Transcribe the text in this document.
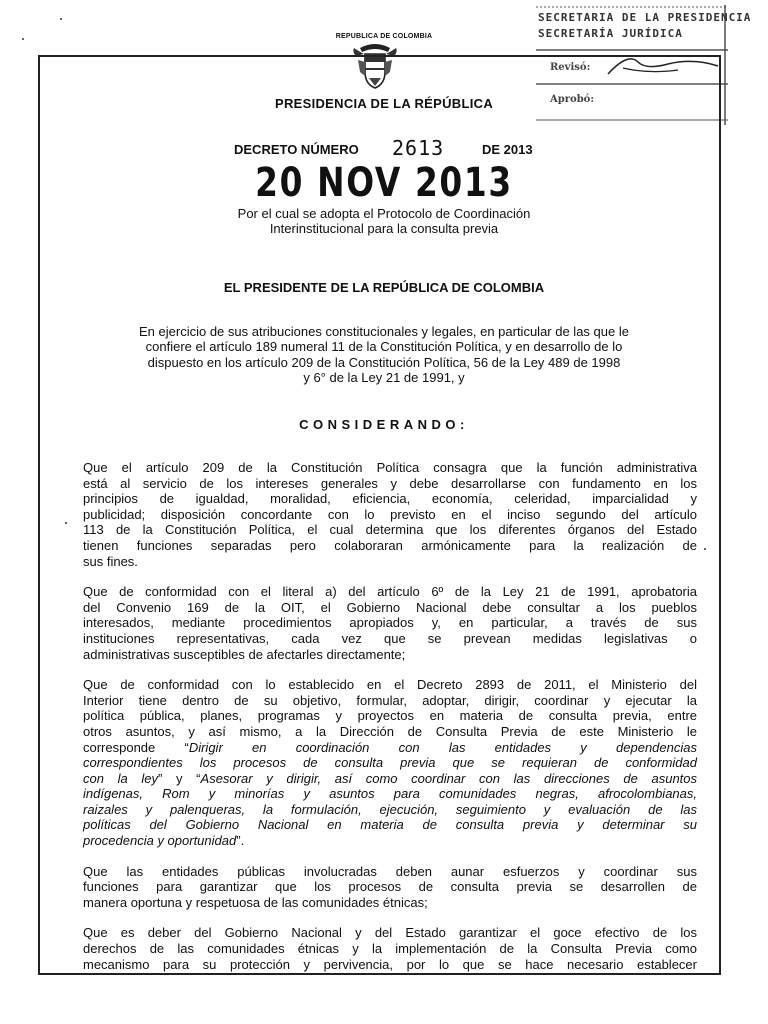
REPUBLICA DE COLOMBIA
SECRETARIA DE LA PRESIDENCIA
SECRETARÍA JURÍDICA
Revisó:
Aprobó:
PRESIDENCIA DE LA RÉPÚBLICA
DECRETO NÚMERO 2613	DE 2013
20 NOV 2013
Por el cual se adopta el Protocolo de Coordinación
Interinstitucional para la consulta previa
EL PRESIDENTE DE LA REPÚBLICA DE COLOMBIA
En ejercicio de sus atribuciones constitucionales y legales, en particular de las que le
confiere el artículo 189 numeral 11 de la Constitución Política, y en desarrollo de lo
dispuesto en los artículo 209 de la Constitución Política, 56 de la Ley 489 de 1998
y 6° de la Ley 21 de 1991, y
CONSIDERANDO:
Que el artículo 209 de la Constitución Política consagra que la función administrativa
está al servicio de los intereses generales y debe desarrollarse con fundamento en los
principios de igualdad, moralidad, eficiencia, economía, celeridad, imparcialidad y
publicidad; disposición concordante con lo previsto en el inciso segundo del artículo
113 de la Constitución Política, el cual determina que los diferentes órganos del Estado
tienen funciones separadas pero colaboraran armónicamente para la realización de
sus fines.
Que de conformidad con el literal a) del artículo 6º de la Ley 21 de 1991, aprobatoria
del Convenio 169 de la OIT, el Gobierno Nacional debe consultar a los pueblos
interesados, mediante procedimientos apropiados y, en particular, a través de sus
instituciones representativas, cada vez que se prevean medidas legislativas o
administrativas susceptibles de afectarles directamente;
Que de conformidad con lo establecido en el Decreto 2893 de 2011, el Ministerio del
Interior tiene dentro de su objetivo, formular, adoptar, dirigir, coordinar y ejecutar la
política pública, planes, programas y proyectos en materia de consulta previa, entre
otros asuntos, y así mismo, a la Dirección de Consulta Previa de este Ministerio le
corresponde “Dirigir en coordinación con las entidades y dependencias
correspondientes los procesos de consulta previa que se requieran de conformidad
con la ley” y “Asesorar y dirigir, así como coordinar con las direcciones de asuntos
indígenas, Rom y minorías y asuntos para comunidades negras, afrocolombianas,
raizales y palenqueras, la formulación, ejecución, seguimiento y evaluación de las
políticas del Gobierno Nacional en materia de consulta previa y determinar su
procedencia y oportunidad”.
Que las entidades públicas involucradas deben aunar esfuerzos y coordinar sus
funciones para garantizar que los procesos de consulta previa se desarrollen de
manera oportuna y respetuosa de las comunidades étnicas;
Que es deber del Gobierno Nacional y del Estado garantizar el goce efectivo de los
derechos de las comunidades étnicas y la implementación de la Consulta Previa como
mecanismo para su protección y pervivencia, por lo que se hace necesario establecer
